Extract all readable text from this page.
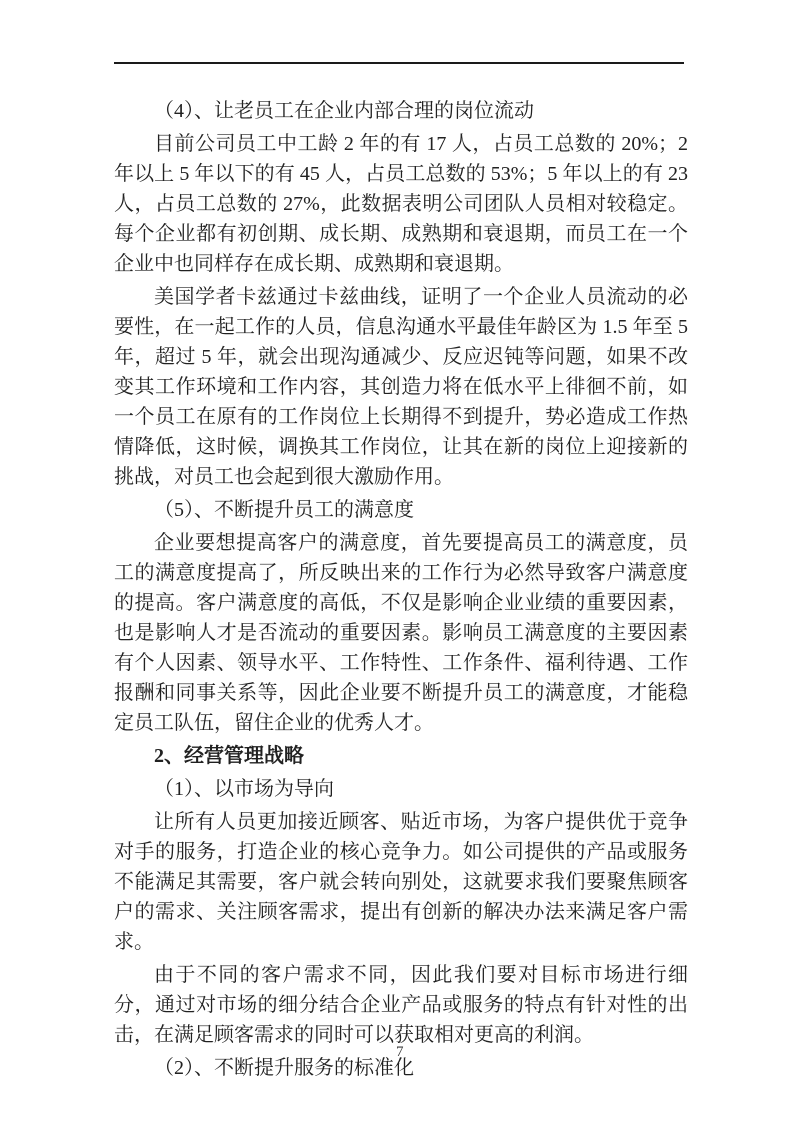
（4）、让老员工在企业内部合理的岗位流动

目前公司员工中工龄 2 年的有 17 人，占员工总数的 20%；2 年以上 5 年以下的有 45 人，占员工总数的 53%；5 年以上的有 23 人，占员工总数的 27%，此数据表明公司团队人员相对较稳定。每个企业都有初创期、成长期、成熟期和衰退期，而员工在一个企业中也同样存在成长期、成熟期和衰退期。

美国学者卡兹通过卡兹曲线，证明了一个企业人员流动的必要性，在一起工作的人员，信息沟通水平最佳年龄区为 1.5 年至 5 年，超过 5 年，就会出现沟通减少、反应迟钝等问题，如果不改变其工作环境和工作内容，其创造力将在低水平上徘徊不前，如一个员工在原有的工作岗位上长期得不到提升，势必造成工作热情降低，这时候，调换其工作岗位，让其在新的岗位上迎接新的挑战，对员工也会起到很大激励作用。

（5）、不断提升员工的满意度

企业要想提高客户的满意度，首先要提高员工的满意度，员工的满意度提高了，所反映出来的工作行为必然导致客户满意度的提高。客户满意度的高低，不仅是影响企业业绩的重要因素，也是影响人才是否流动的重要因素。影响员工满意度的主要因素有个人因素、领导水平、工作特性、工作条件、福利待遇、工作报酬和同事关系等，因此企业要不断提升员工的满意度，才能稳定员工队伍，留住企业的优秀人才。

2、经营管理战略

（1）、以市场为导向

让所有人员更加接近顾客、贴近市场，为客户提供优于竞争对手的服务，打造企业的核心竞争力。如公司提供的产品或服务不能满足其需要，客户就会转向别处，这就要求我们要聚焦顾客户的需求、关注顾客需求，提出有创新的解决办法来满足客户需求。

由于不同的客户需求不同，因此我们要对目标市场进行细分，通过对市场的细分结合企业产品或服务的特点有针对性的出击，在满足顾客需求的同时可以获取相对更高的利润。

（2）、不断提升服务的标准化

7
